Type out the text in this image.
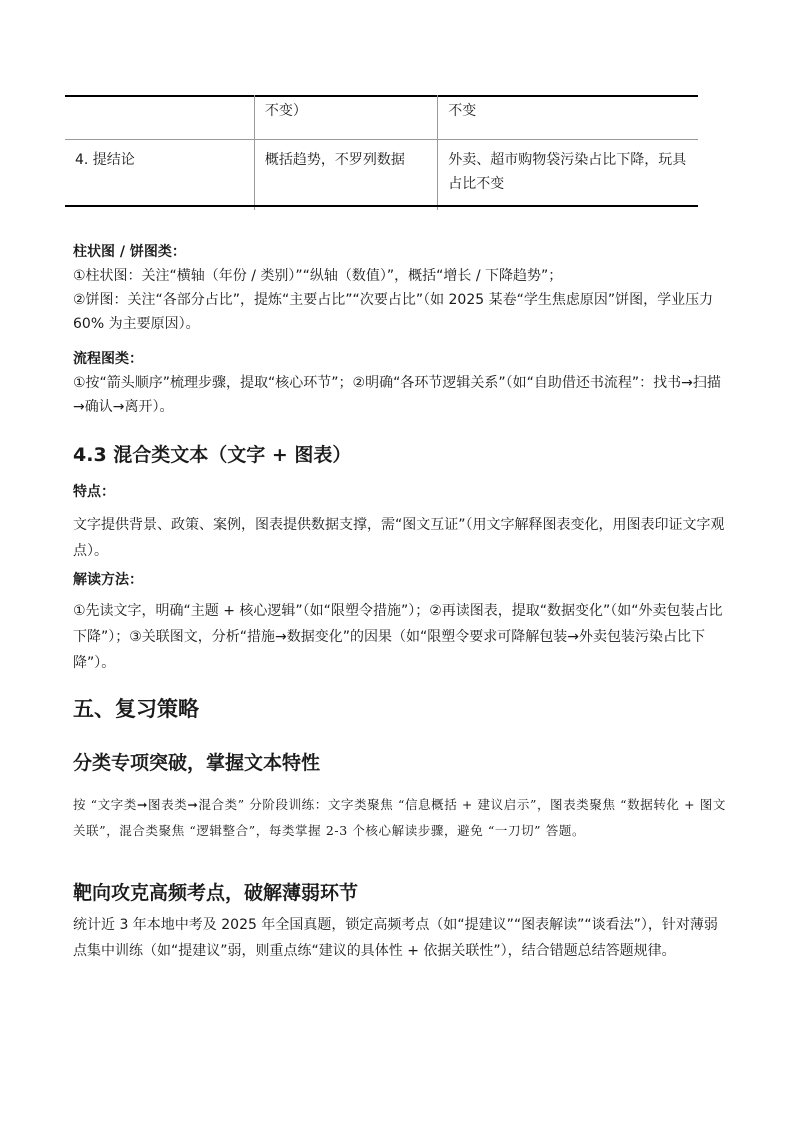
	不变）	不变
4. 提结论	概括趋势，不罗列数据	外卖、超市购物袋污染占比下降，玩具占比不变
柱状图 / 饼图类：
①柱状图：关注“横轴（年份 / 类别）”“纵轴（数值）”，概括“增长 / 下降趋势”；
②饼图：关注“各部分占比”，提炼“主要占比”“次要占比”（如 2025 某卷“学生焦虑原因”饼图，学业压力 60% 为主要原因）。
流程图类：
①按“箭头顺序”梳理步骤，提取“核心环节”；②明确“各环节逻辑关系”（如“自助借还书流程”：找书→扫描→确认→离开）。
4.3 混合类文本（文字 + 图表）
特点：
文字提供背景、政策、案例，图表提供数据支撑，需“图文互证”（用文字解释图表变化，用图表印证文字观点）。
解读方法：
①先读文字，明确“主题 + 核心逻辑”（如“限塑令措施”）；②再读图表，提取“数据变化”（如“外卖包装占比下降”）；③关联图文，分析“措施→数据变化”的因果（如“限塑令要求可降解包装→外卖包装污染占比下降”）。
五、复习策略
分类专项突破，掌握文本特性
按 “文字类➞图表类➞混合类” 分阶段训练：文字类聚焦 “信息概括 + 建议启示”，图表类聚焦 “数据转化 + 图文关联”，混合类聚焦 “逻辑整合”，每类掌握 2-3 个核心解读步骤，避免 “一刀切” 答题。
靶向攻克高频考点，破解薄弱环节
统计近 3 年本地中考及 2025 年全国真题，锁定高频考点（如“提建议”“图表解读”“谈看法”），针对薄弱点集中训练（如“提建议”弱，则重点练“建议的具体性 + 依据关联性”），结合错题总结答题规律。
